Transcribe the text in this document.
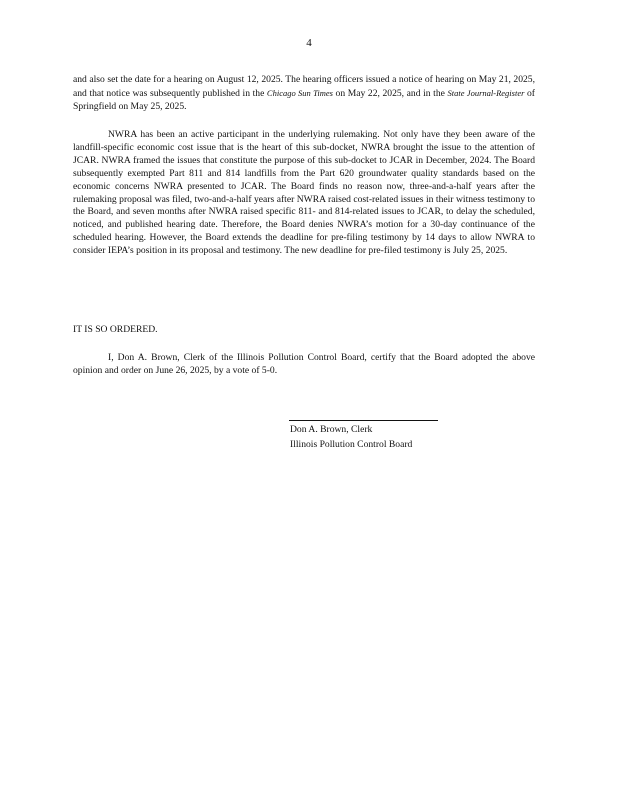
4
and also set the date for a hearing on August 12, 2025. The hearing officers issued a notice of hearing on May 21, 2025, and that notice was subsequently published in the Chicago Sun Times on May 22, 2025, and in the State Journal-Register of Springfield on May 25, 2025.
NWRA has been an active participant in the underlying rulemaking. Not only have they been aware of the landfill-specific economic cost issue that is the heart of this sub-docket, NWRA brought the issue to the attention of JCAR. NWRA framed the issues that constitute the purpose of this sub-docket to JCAR in December, 2024. The Board subsequently exempted Part 811 and 814 landfills from the Part 620 groundwater quality standards based on the economic concerns NWRA presented to JCAR. The Board finds no reason now, three-and-a-half years after the rulemaking proposal was filed, two-and-a-half years after NWRA raised cost-related issues in their witness testimony to the Board, and seven months after NWRA raised specific 811- and 814-related issues to JCAR, to delay the scheduled, noticed, and published hearing date. Therefore, the Board denies NWRA’s motion for a 30-day continuance of the scheduled hearing. However, the Board extends the deadline for pre-filing testimony by 14 days to allow NWRA to consider IEPA’s position in its proposal and testimony. The new deadline for pre-filed testimony is July 25, 2025.
IT IS SO ORDERED.
I, Don A. Brown, Clerk of the Illinois Pollution Control Board, certify that the Board adopted the above opinion and order on June 26, 2025, by a vote of 5-0.
Don A. Brown, Clerk
Illinois Pollution Control Board
